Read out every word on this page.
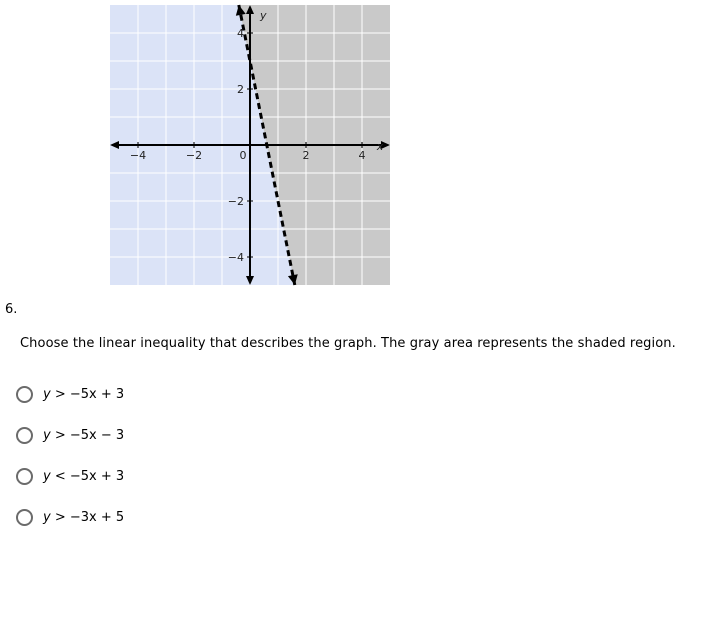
−4	−2	0	2	4
4
2
−2
−4
x
y
6.
Choose the linear inequality that describes the graph. The gray area represents the shaded region.
y > −5x + 3
y > −5x − 3
y < −5x + 3
y > −3x + 5
